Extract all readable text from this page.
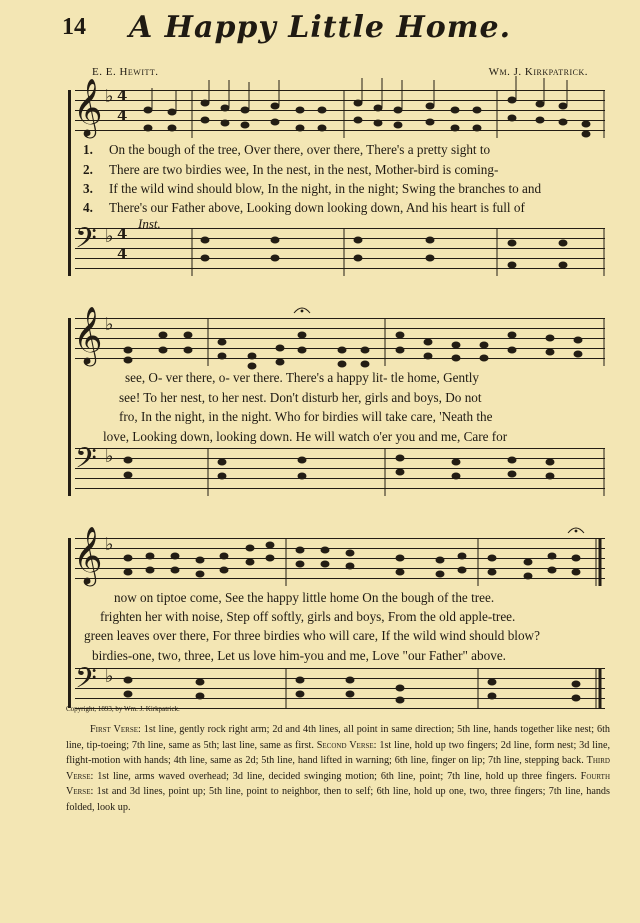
14	A Happy Little Home.
E. E. Hewitt.	Wm. J. Kirkpatrick.
𝄞 ♭ 4
4
𝄢 ♭ 4
4
Inst.
1. On the bough of the tree, Over there, over there, There's a pretty sight to
2. There are two birdies wee, In the nest, in the nest, Mother-bird is coming-
3. If the wild wind should blow, In the night, in the night; Swing the branches to and
4. There's our Father above, Looking down looking down, And his heart is full of
𝄞 ♭
𝄢 ♭
see, O- ver there, o- ver there. There's a happy lit- tle home, Gently
see! To her nest, to her nest. Don't disturb her, girls and boys, Do not
fro, In the night, in the night. Who for birdies will take care, 'Neath the
love, Looking down, looking down. He will watch o'er you and me, Care for
𝄞 ♭
𝄢 ♭
now on tiptoe come, See the happy little home On the bough of the tree.
frighten her with noise, Step off softly, girls and boys, From the old apple-tree.
green leaves over there, For three birdies who will care, If the wild wind should blow?
birdies-one, two, three, Let us love him-you and me, Love "our Father" above.
Copyright, 1893, by Wm. J. Kirkpatrick.
First Verse: 1st line, gently rock right arm; 2d and 4th lines, all point in same direction; 5th line, hands together like nest; 6th line, tip-toeing; 7th line, same as 5th; last line, same as first. Second Verse: 1st line, hold up two fingers; 2d line, form nest; 3d line, flight-motion with hands; 4th line, same as 2d; 5th line, hand lifted in warning; 6th line, finger on lip; 7th line, stepping back. Third Verse: 1st line, arms waved overhead; 3d line, decided swinging motion; 6th line, point; 7th line, hold up three fingers. Fourth Verse: 1st and 3d lines, point up; 5th line, point to neighbor, then to self; 6th line, hold up one, two, three fingers; 7th line, hands folded, look up.
